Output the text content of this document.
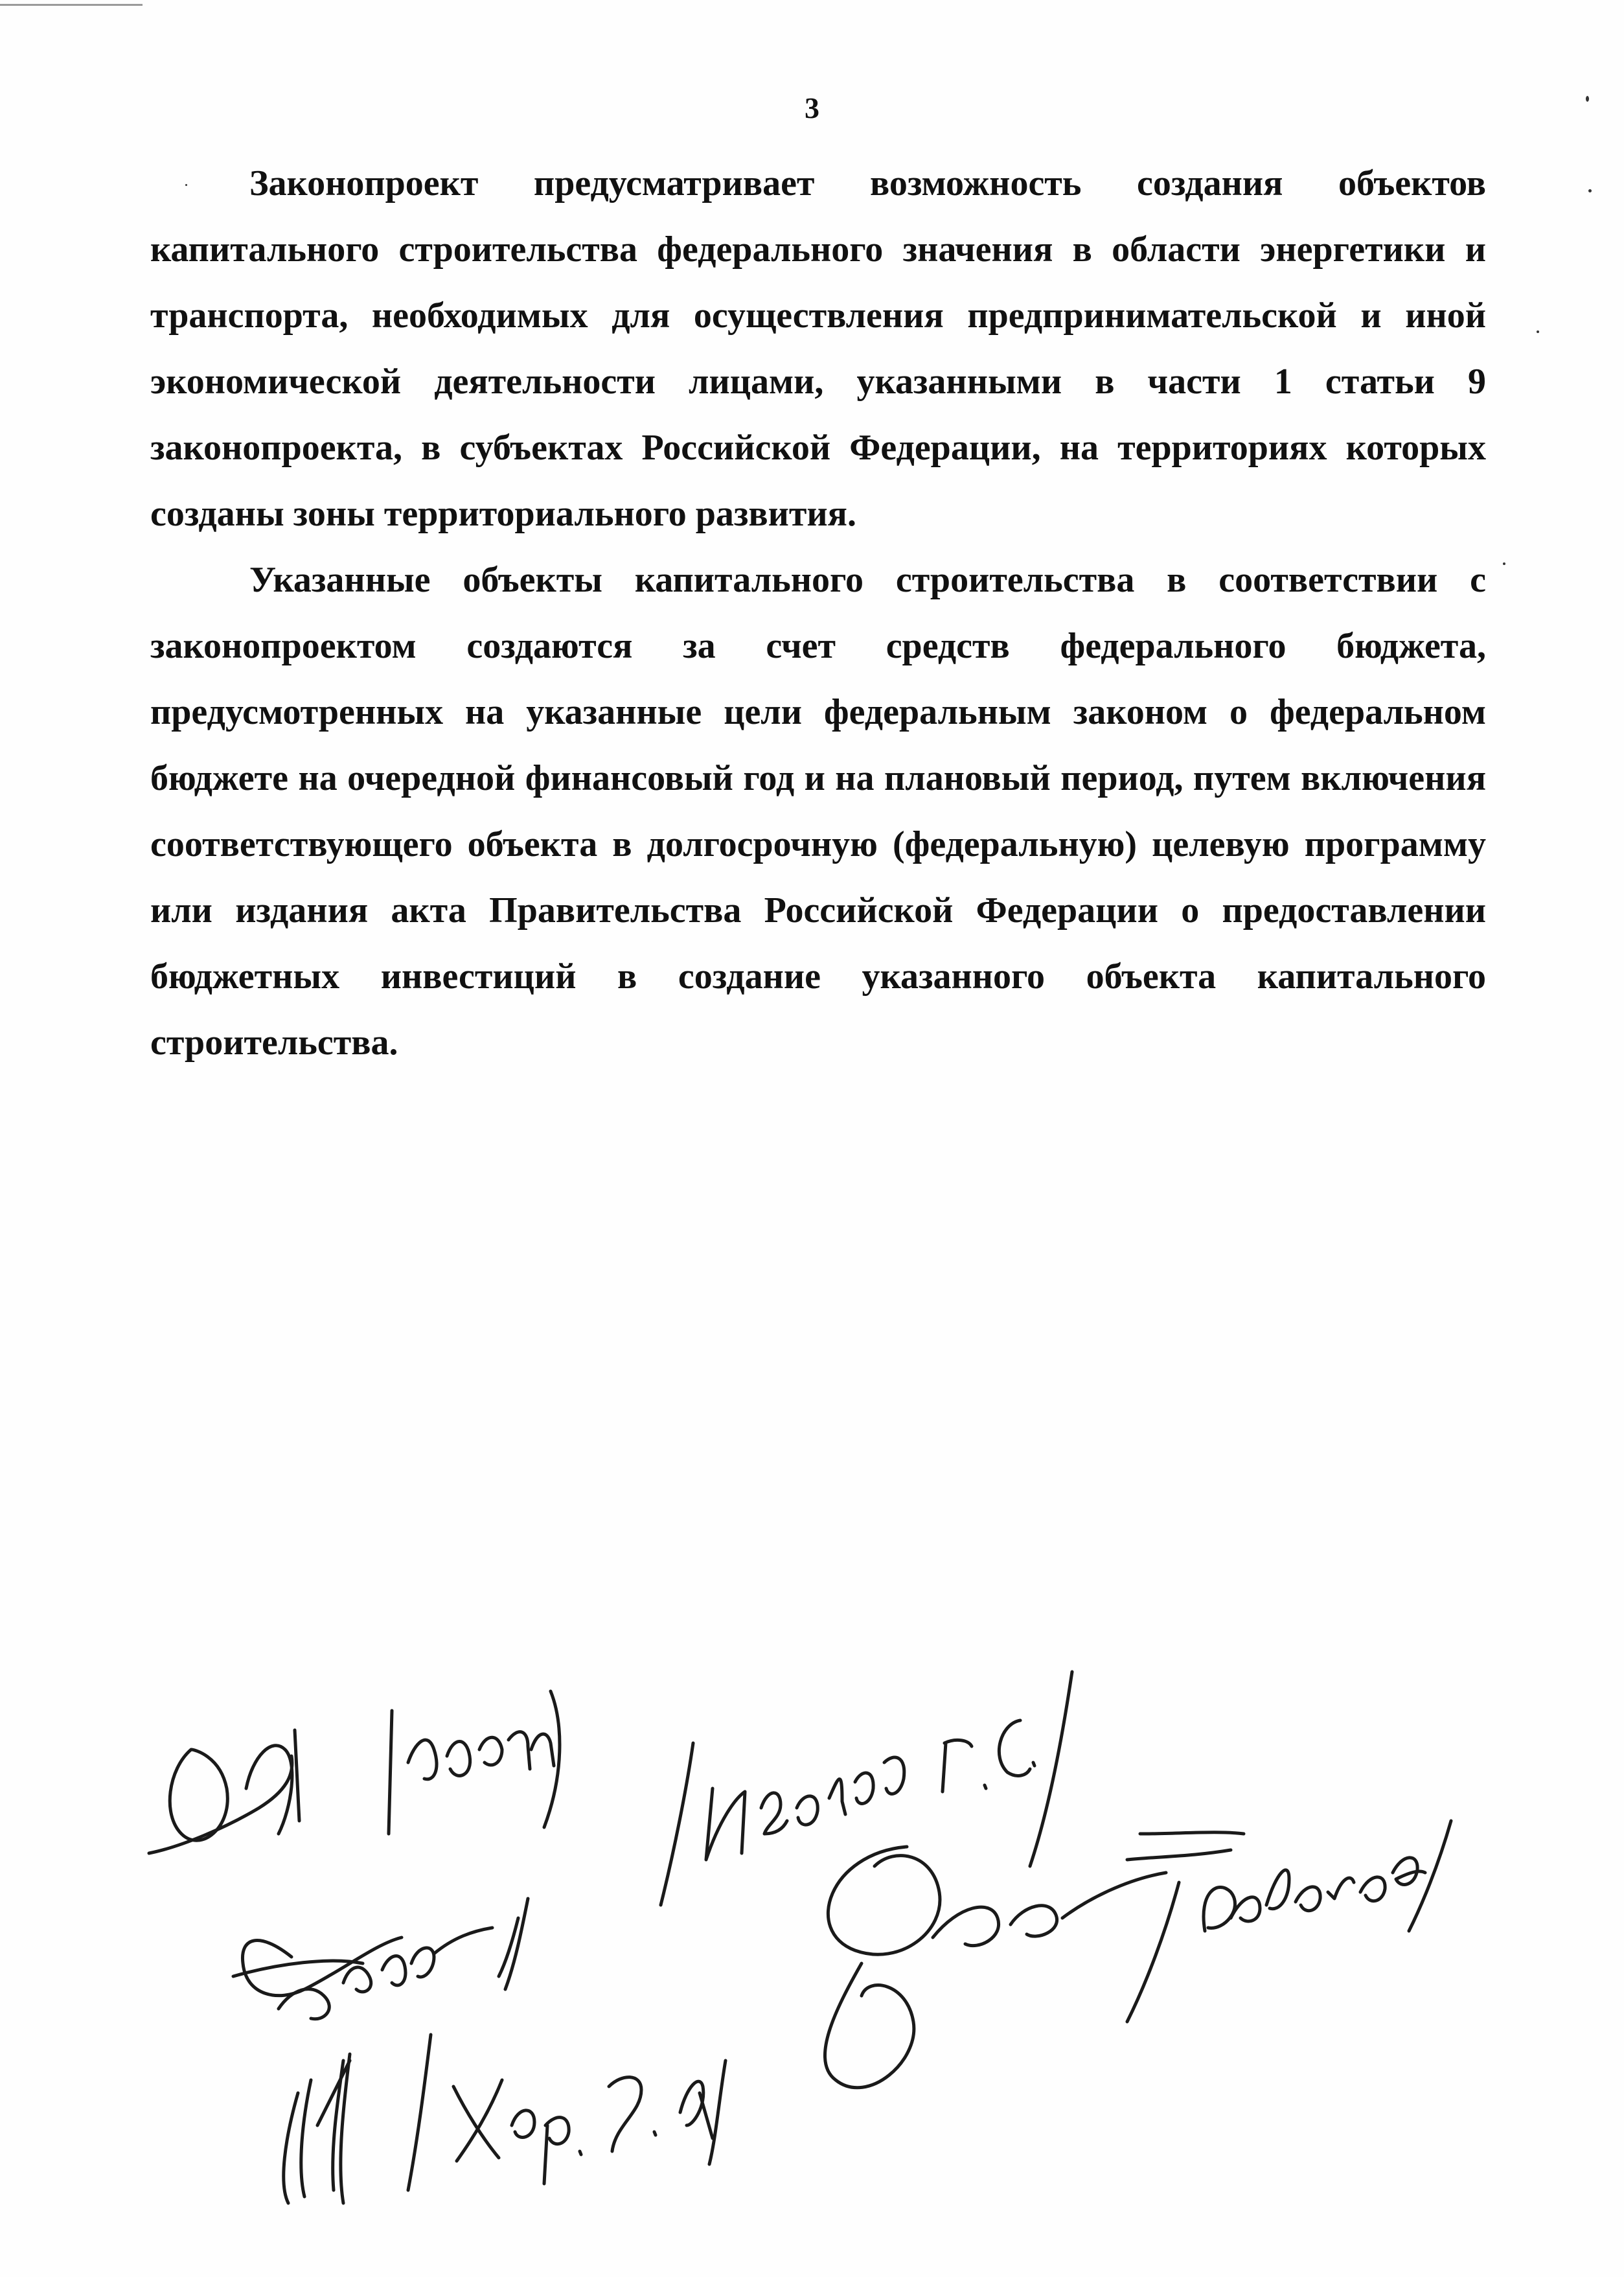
3

Законопроект предусматривает возможность создания объектов капитального строительства федерального значения в области энергетики и транспорта, необходимых для осуществления предпринимательской и иной экономической деятельности лицами, указанными в части 1 статьи 9 законопроекта, в субъектах Российской Федерации, на территориях которых созданы зоны территориального развития.

Указанные объекты капитального строительства в соответствии с законопроектом создаются за счет средств федерального бюджета, предусмотренных на указанные цели федеральным законом о федеральном бюджете на очередной финансовый год и на плановый период, путем включения соответствующего объекта в долгосрочную (федеральную) целевую программу или издания акта Правительства Российской Федерации о предоставлении бюджетных инвестиций в создание указанного объекта капитального строительства.
